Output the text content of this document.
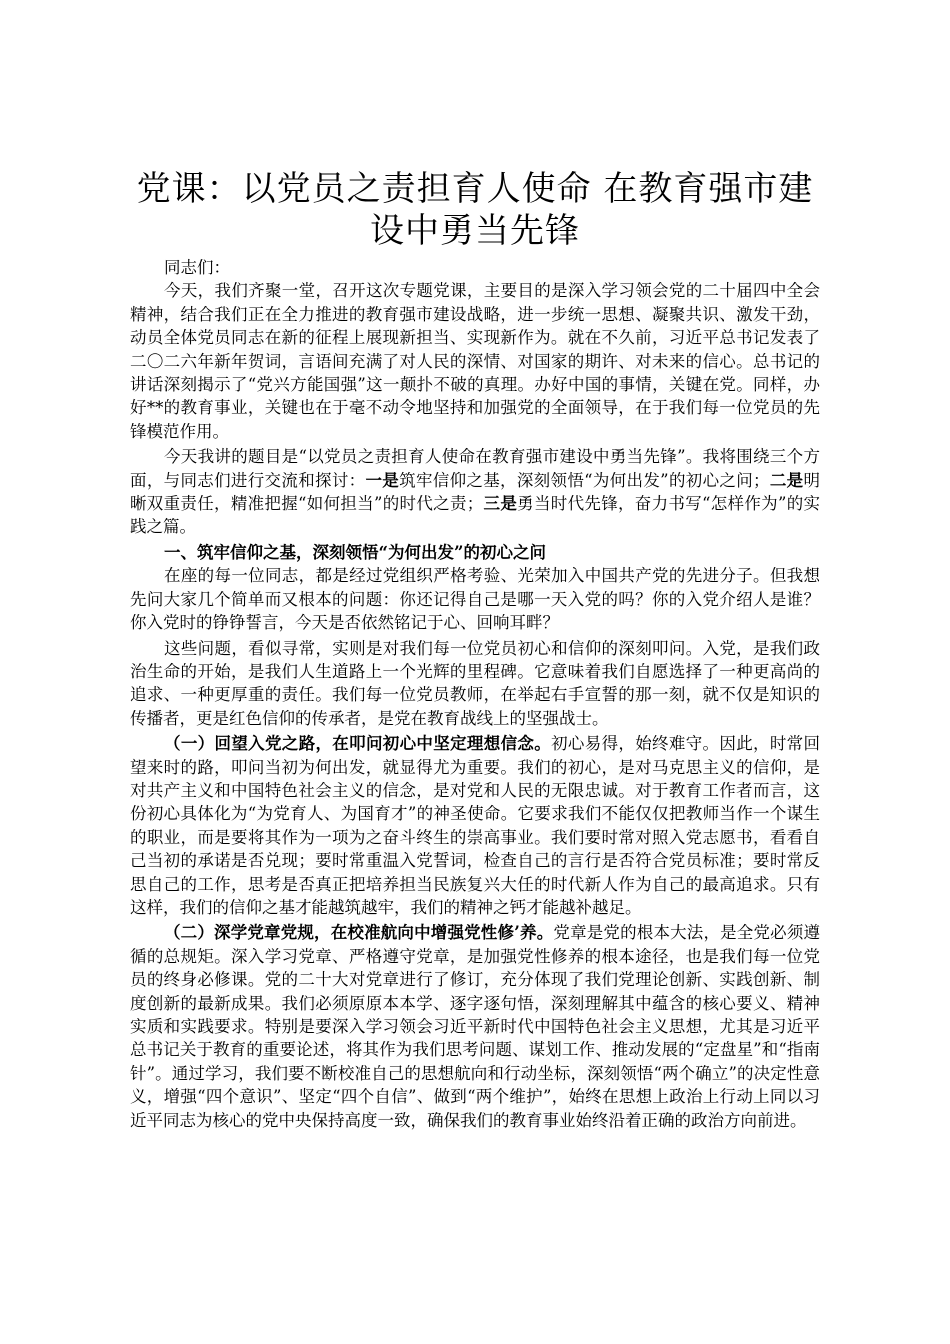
党课：以党员之责担育人使命 在教育强市建设中勇当先锋

同志们：

今天，我们齐聚一堂，召开这次专题党课，主要目的是深入学习领会党的二十届四中全会精神，结合我们正在全力推进的教育强市建设战略，进一步统一思想、凝聚共识、激发干劲，动员全体党员同志在新的征程上展现新担当、实现新作为。就在不久前，习近平总书记发表了二〇二六年新年贺词，言语间充满了对人民的深情、对国家的期许、对未来的信心。总书记的讲话深刻揭示了“党兴方能国强”这一颠扑不破的真理。办好中国的事情，关键在党。同样，办好**的教育事业，关键也在于毫不动令地坚持和加强党的全面领导，在于我们每一位党员的先锋模范作用。

今天我讲的题目是“以党员之责担育人使命在教育强市建设中勇当先锋”。我将围绕三个方面，与同志们进行交流和探讨：一是筑牢信仰之基，深刻领悟“为何出发”的初心之问；二是明晰双重责任，精准把握“如何担当”的时代之责；三是勇当时代先锋，奋力书写“怎样作为”的实践之篇。

一、筑牢信仰之基，深刻领悟“为何出发”的初心之问

在座的每一位同志，都是经过党组织严格考验、光荣加入中国共产党的先进分子。但我想先问大家几个简单而又根本的问题：你还记得自己是哪一天入党的吗？你的入党介绍人是谁？你入党时的铮铮誓言，今天是否依然铭记于心、回响耳畔？

这些问题，看似寻常，实则是对我们每一位党员初心和信仰的深刻叩问。入党，是我们政治生命的开始，是我们人生道路上一个光辉的里程碑。它意味着我们自愿选择了一种更高尚的追求、一种更厚重的责任。我们每一位党员教师，在举起右手宣誓的那一刻，就不仅是知识的传播者，更是红色信仰的传承者，是党在教育战线上的坚强战士。

（一）回望入党之路，在叩问初心中坚定理想信念。初心易得，始终难守。因此，时常回望来时的路，叩问当初为何出发，就显得尤为重要。我们的初心，是对马克思主义的信仰，是对共产主义和中国特色社会主义的信念，是对党和人民的无限忠诚。对于教育工作者而言，这份初心具体化为“为党育人、为国育才”的神圣使命。它要求我们不能仅仅把教师当作一个谋生的职业，而是要将其作为一项为之奋斗终生的崇高事业。我们要时常对照入党志愿书，看看自己当初的承诺是否兑现；要时常重温入党誓词，检查自己的言行是否符合党员标准；要时常反思自己的工作，思考是否真正把培养担当民族复兴大任的时代新人作为自己的最高追求。只有这样，我们的信仰之基才能越筑越牢，我们的精神之钙才能越补越足。

（二）深学党章党规，在校准航向中增强党性修’养。党章是党的根本大法，是全党必须遵循的总规矩。深入学习党章、严格遵守党章，是加强党性修养的根本途径，也是我们每一位党员的终身必修课。党的二十大对党章进行了修订，充分体现了我们党理论创新、实践创新、制度创新的最新成果。我们必须原原本本学、逐字逐句悟，深刻理解其中蕴含的核心要义、精神实质和实践要求。特别是要深入学习领会习近平新时代中国特色社会主义思想，尤其是习近平总书记关于教育的重要论述，将其作为我们思考问题、谋划工作、推动发展的“定盘星”和“指南针”。通过学习，我们要不断校准自己的思想航向和行动坐标，深刻领悟“两个确立”的决定性意义，增强“四个意识”、坚定“四个自信”、做到“两个维护”，始终在思想上政治上行动上同以习近平同志为核心的党中央保持高度一致，确保我们的教育事业始终沿着正确的政治方向前进。
